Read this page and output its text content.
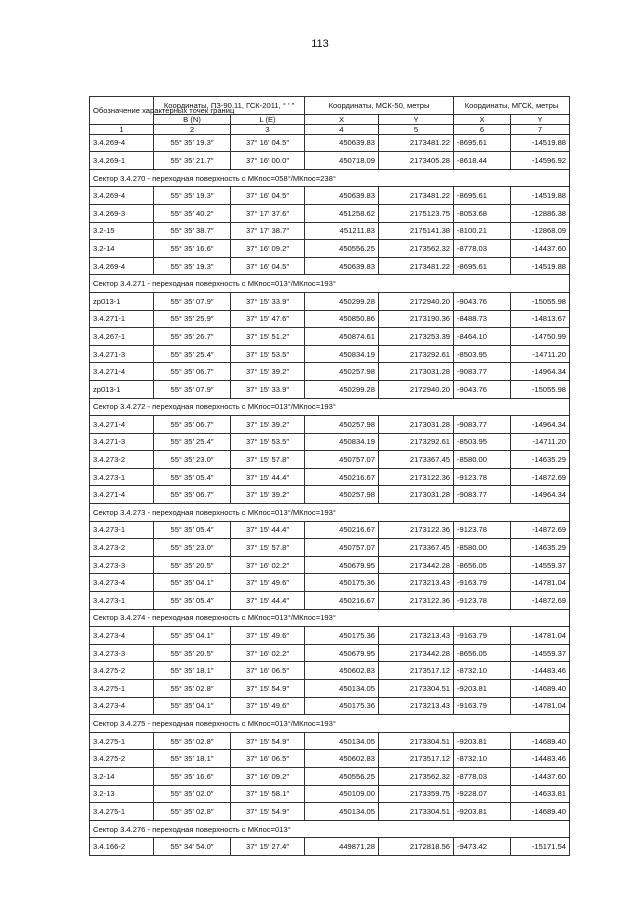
113
Обозначение характерных точек границ	Координаты, ПЗ-90.11, ГСК-2011, ° ′ ″		Координаты, МСК-50, метры		Координаты, МГСК, метры	
	B (N)	L (E)	X	Y	X	Y
1	2	3	4	5	6	7
3.4.269-4	55° 35′ 19.3″	37° 16′ 04.5″	450639.83	2173481.22	-8695.61	-14519.88
3.4.269-1	55° 35′ 21.7″	37° 16′ 00.0″	450718.09	2173405.28	-8618.44	-14596.92
Сектор 3.4.270 - переходная поверхность с МКпос=058°/МКпос=238°						
3.4.269-4	55° 35′ 19.3″	37° 16′ 04.5″	450639.83	2173481.22	-8695.61	-14519.88
3.4.269-3	55° 35′ 40.2″	37° 17′ 37.6″	451258.62	2175123.75	-8053.68	-12886.38
3.2-15	55° 35′ 38.7″	37° 17′ 38.7″	451211.83	2175141.38	-8100.21	-12868.09
3.2-14	55° 35′ 16.6″	37° 16′ 09.2″	450556.25	2173562.32	-8778.03	-14437.60
3.4.269-4	55° 35′ 19.3″	37° 16′ 04.5″	450639.83	2173481.22	-8695.61	-14519.88
Сектор 3.4.271 - переходная поверхность с МКпос=013°/МКпос=193°						
zp013-1	55° 35′ 07.9″	37° 15′ 33.9″	450299.28	2172940.20	-9043.76	-15055.98
3.4.271-1	55° 35′ 25.9″	37° 15′ 47.6″	450850.86	2173190.36	-8488.73	-14813.67
3.4.267-1	55° 35′ 26.7″	37° 15′ 51.2″	450874.61	2173253.39	-8464.10	-14750.99
3.4.271-3	55° 35′ 25.4″	37° 15′ 53.5″	450834.19	2173292.61	-8503.95	-14711.20
3.4.271-4	55° 35′ 06.7″	37° 15′ 39.2″	450257.98	2173031.28	-9083.77	-14964.34
zp013-1	55° 35′ 07.9″	37° 15′ 33.9″	450299.28	2172940.20	-9043.76	-15055.98
Сектор 3.4.272 - переходная поверхность с МКпос=013°/МКпос=193°						
3.4.271-4	55° 35′ 06.7″	37° 15′ 39.2″	450257.98	2173031.28	-9083.77	-14964.34
3.4.271-3	55° 35′ 25.4″	37° 15′ 53.5″	450834.19	2173292.61	-8503.95	-14711.20
3.4.273-2	55° 35′ 23.0″	37° 15′ 57.8″	450757.07	2173367.45	-8580.00	-14635.29
3.4.273-1	55° 35′ 05.4″	37° 15′ 44.4″	450216.67	2173122.36	-9123.78	-14872.69
3.4.271-4	55° 35′ 06.7″	37° 15′ 39.2″	450257.98	2173031.28	-9083.77	-14964.34
Сектор 3.4.273 - переходная поверхность с МКпос=013°/МКпос=193°						
3.4.273-1	55° 35′ 05.4″	37° 15′ 44.4″	450216.67	2173122.36	-9123.78	-14872.69
3.4.273-2	55° 35′ 23.0″	37° 15′ 57.8″	450757.07	2173367.45	-8580.00	-14635.29
3.4.273-3	55° 35′ 20.5″	37° 16′ 02.2″	450679.95	2173442.28	-8656.05	-14559.37
3.4.273-4	55° 35′ 04.1″	37° 15′ 49.6″	450175.36	2173213.43	-9163.79	-14781.04
3.4.273-1	55° 35′ 05.4″	37° 15′ 44.4″	450216.67	2173122.36	-9123.78	-14872.69
Сектор 3.4.274 - переходная поверхность с МКпос=013°/МКпос=193°						
3.4.273-4	55° 35′ 04.1″	37° 15′ 49.6″	450175.36	2173213.43	-9163.79	-14781.04
3.4.273-3	55° 35′ 20.5″	37° 16′ 02.2″	450679.95	2173442.28	-8656.05	-14559.37
3.4.275-2	55° 35′ 18.1″	37° 16′ 06.5″	450602.83	2173517.12	-8732.10	-14483.46
3.4.275-1	55° 35′ 02.8″	37° 15′ 54.9″	450134.05	2173304.51	-9203.81	-14689.40
3.4.273-4	55° 35′ 04.1″	37° 15′ 49.6″	450175.36	2173213.43	-9163.79	-14781.04
Сектор 3.4.275 - переходная поверхность с МКпос=013°/МКпос=193°						
3.4.275-1	55° 35′ 02.8″	37° 15′ 54.9″	450134.05	2173304.51	-9203.81	-14689.40
3.4.275-2	55° 35′ 18.1″	37° 16′ 06.5″	450602.83	2173517.12	-8732.10	-14483.46
3.2-14	55° 35′ 16.6″	37° 16′ 09.2″	450556.25	2173562.32	-8778.03	-14437.60
3.2-13	55° 35′ 02.0″	37° 15′ 58.1″	450109.00	2173359.75	-9228.07	-14633.81
3.4.275-1	55° 35′ 02.8″	37° 15′ 54.9″	450134.05	2173304.51	-9203.81	-14689.40
Сектор 3.4.276 - переходная поверхность с МКпос=013°						
3.4.166-2	55° 34′ 54.0″	37° 15′ 27.4″	449871.28	2172818.56	-9473.42	-15171.54
